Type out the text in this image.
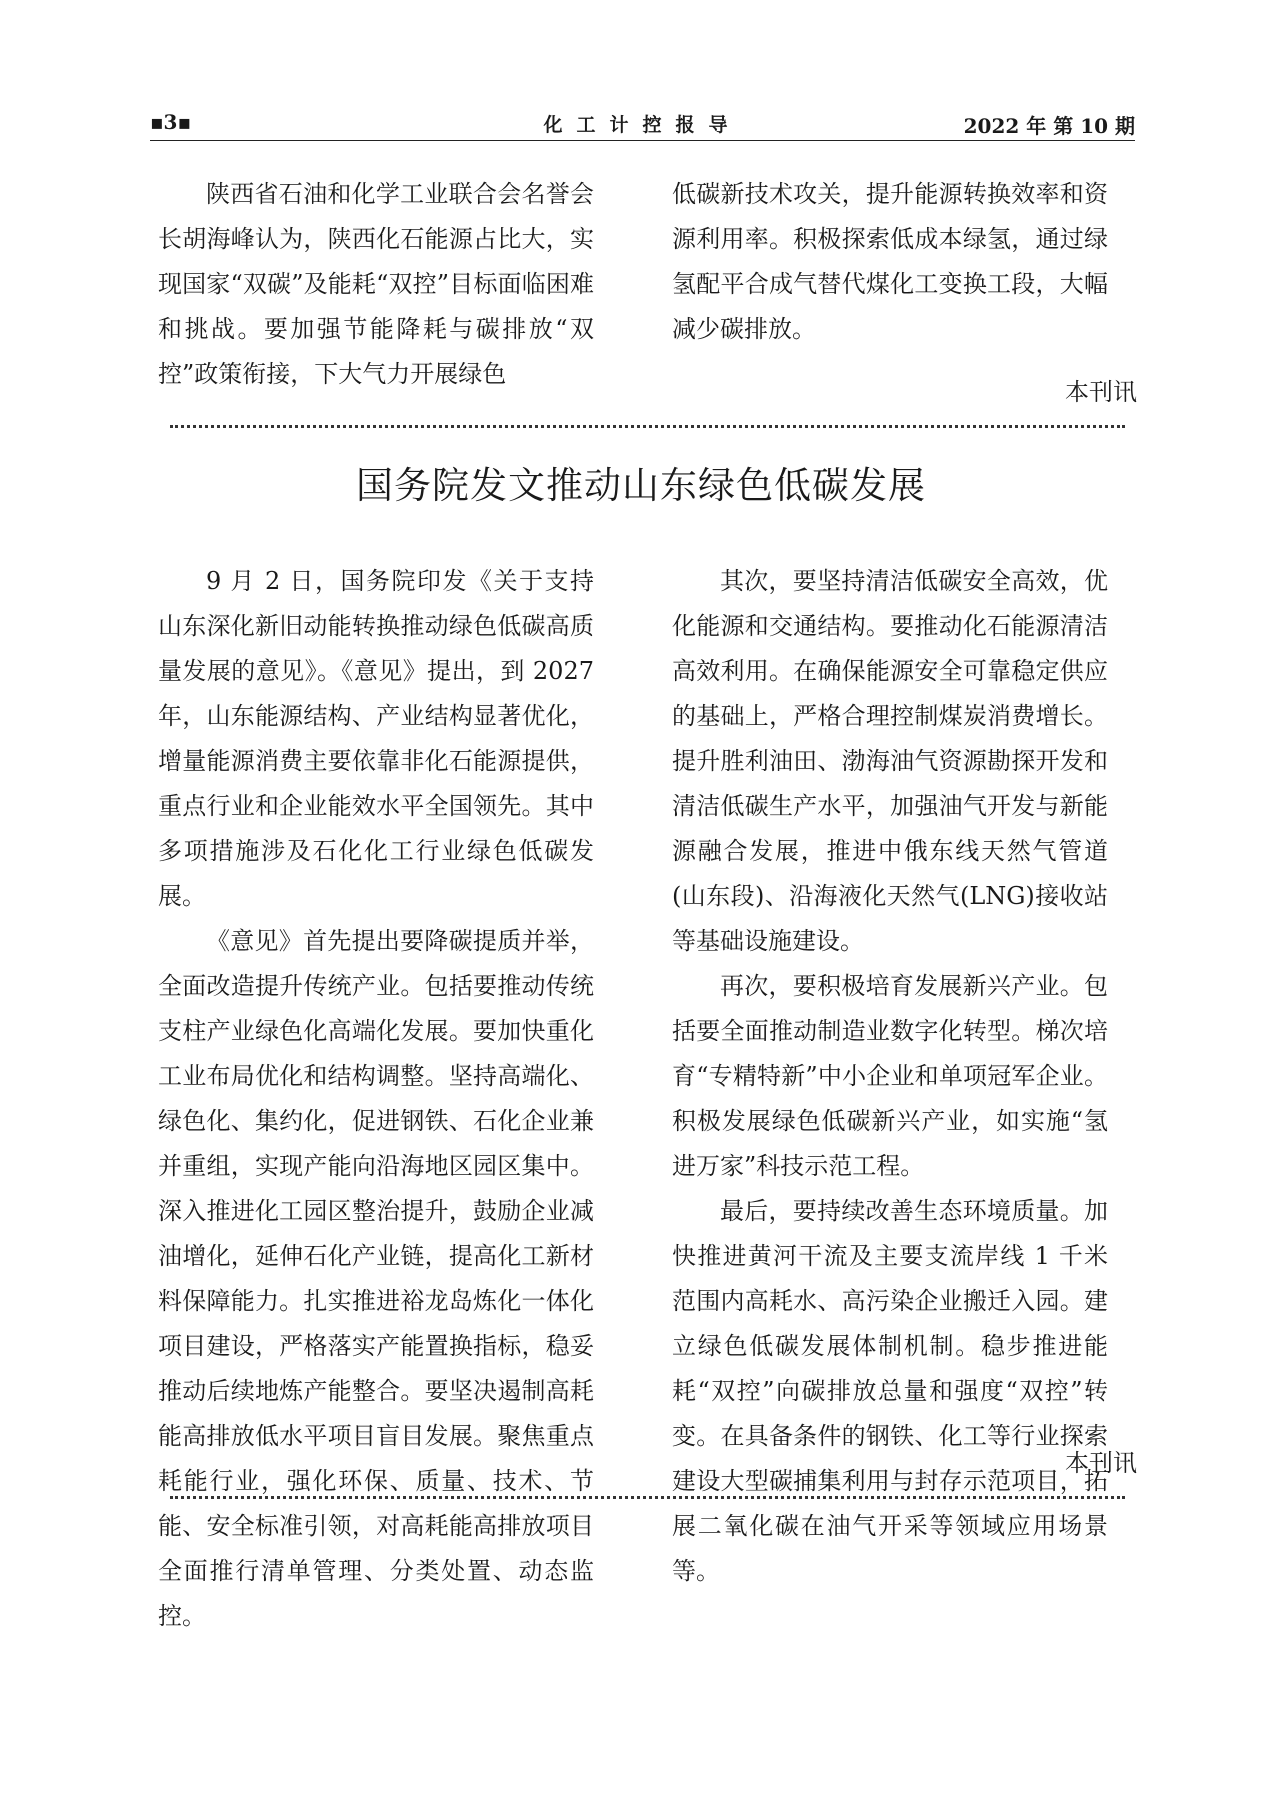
▪3▪	化工计控报导	2022 年 第 10 期

陕西省石油和化学工业联合会名誉会长胡海峰认为，陕西化石能源占比大，实现国家“双碳”及能耗“双控”目标面临困难和挑战。要加强节能降耗与碳排放“双控”政策衔接，下大气力开展绿色

低碳新技术攻关，提升能源转换效率和资源利用率。积极探索低成本绿氢，通过绿氢配平合成气替代煤化工变换工段，大幅减少碳排放。

本刊讯
国务院发文推动山东绿色低碳发展

9 月 2 日，国务院印发《关于支持山东深化新旧动能转换推动绿色低碳高质量发展的意见》。《意见》提出，到 2027 年，山东能源结构、产业结构显著优化，增量能源消费主要依靠非化石能源提供，重点行业和企业能效水平全国领先。其中多项措施涉及石化化工行业绿色低碳发展。

《意见》首先提出要降碳提质并举，全面改造提升传统产业。包括要推动传统支柱产业绿色化高端化发展。要加快重化工业布局优化和结构调整。坚持高端化、绿色化、集约化，促进钢铁、石化企业兼并重组，实现产能向沿海地区园区集中。深入推进化工园区整治提升，鼓励企业减油增化，延伸石化产业链，提高化工新材料保障能力。扎实推进裕龙岛炼化一体化项目建设，严格落实产能置换指标，稳妥推动后续地炼产能整合。要坚决遏制高耗能高排放低水平项目盲目发展。聚焦重点耗能行业，强化环保、质量、技术、节能、安全标准引领，对高耗能高排放项目全面推行清单管理、分类处置、动态监控。

其次，要坚持清洁低碳安全高效，优化能源和交通结构。要推动化石能源清洁高效利用。在确保能源安全可靠稳定供应的基础上，严格合理控制煤炭消费增长。提升胜利油田、渤海油气资源勘探开发和清洁低碳生产水平，加强油气开发与新能源融合发展，推进中俄东线天然气管道(山东段)、沿海液化天然气(LNG)接收站等基础设施建设。

再次，要积极培育发展新兴产业。包括要全面推动制造业数字化转型。梯次培育“专精特新”中小企业和单项冠军企业。积极发展绿色低碳新兴产业，如实施“氢进万家”科技示范工程。

最后，要持续改善生态环境质量。加快推进黄河干流及主要支流岸线 1 千米范围内高耗水、高污染企业搬迁入园。建立绿色低碳发展体制机制。稳步推进能耗“双控”向碳排放总量和强度“双控”转变。在具备条件的钢铁、化工等行业探索建设大型碳捕集利用与封存示范项目，拓展二氧化碳在油气开采等领域应用场景等。

本刊讯
